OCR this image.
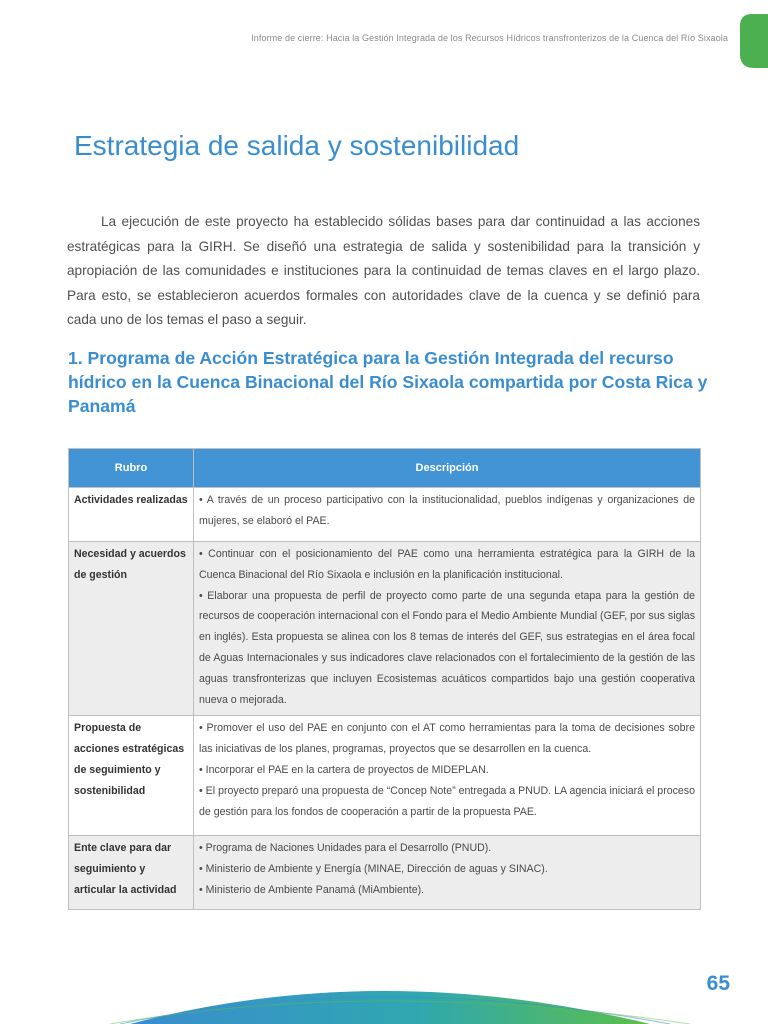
Informe de cierre: Hacia la Gestión Integrada de los Recursos Hídricos transfronterizos de la Cuenca del Río Sixaola
Estrategia de salida y sostenibilidad

La ejecución de este proyecto ha establecido sólidas bases para dar continuidad a las acciones estratégicas para la GIRH. Se diseñó una estrategia de salida y sostenibilidad para la transición y apropiación de las comunidades e instituciones para la continuidad de temas claves en el largo plazo. Para esto, se establecieron acuerdos formales con autoridades clave de la cuenca y se definió para cada uno de los temas el paso a seguir.

1. Programa de Acción Estratégica para la Gestión Integrada del recurso hídrico en la Cuenca Binacional del Río Sixaola compartida por Costa Rica y Panamá
Rubro	Descripción
Actividades realizadas	• A través de un proceso participativo con la institucionalidad, pueblos indígenas y organizaciones de mujeres, se elaboró el PAE.

Necesidad y acuerdos de gestión	• Continuar con el posicionamiento del PAE como una herramienta estratégica para la GIRH de la Cuenca Binacional del Río Sixaola e inclusión en la planificación institucional.
• Elaborar una propuesta de perfil de proyecto como parte de una segunda etapa para la gestión de recursos de cooperación internacional con el Fondo para el Medio Ambiente Mundial (GEF, por sus siglas en inglés). Esta propuesta se alinea con los 8 temas de interés del GEF, sus estrategias en el área focal de Aguas Internacionales y sus indicadores clave relacionados con el fortalecimiento de la gestión de las aguas transfronterizas que incluyen Ecosistemas acuáticos compartidos bajo una gestión cooperativa nueva o mejorada.

Propuesta de acciones estratégicas de seguimiento y sostenibilidad	• Promover el uso del PAE en conjunto con el AT como herramientas para la toma de decisiones sobre las iniciativas de los planes, programas, proyectos que se desarrollen en la cuenca.
• Incorporar el PAE en la cartera de proyectos de MIDEPLAN.
• El proyecto preparó una propuesta de “Concep Note” entregada a PNUD. LA agencia iniciará el proceso de gestión para los fondos de cooperación a partir de la propuesta PAE.

Ente clave para dar seguimiento y articular la actividad	• Programa de Naciones Unidades para el Desarrollo (PNUD).
• Ministerio de Ambiente y Energía (MINAE, Dirección de aguas y SINAC).
• Ministerio de Ambiente Panamá (MiAmbiente).
65
